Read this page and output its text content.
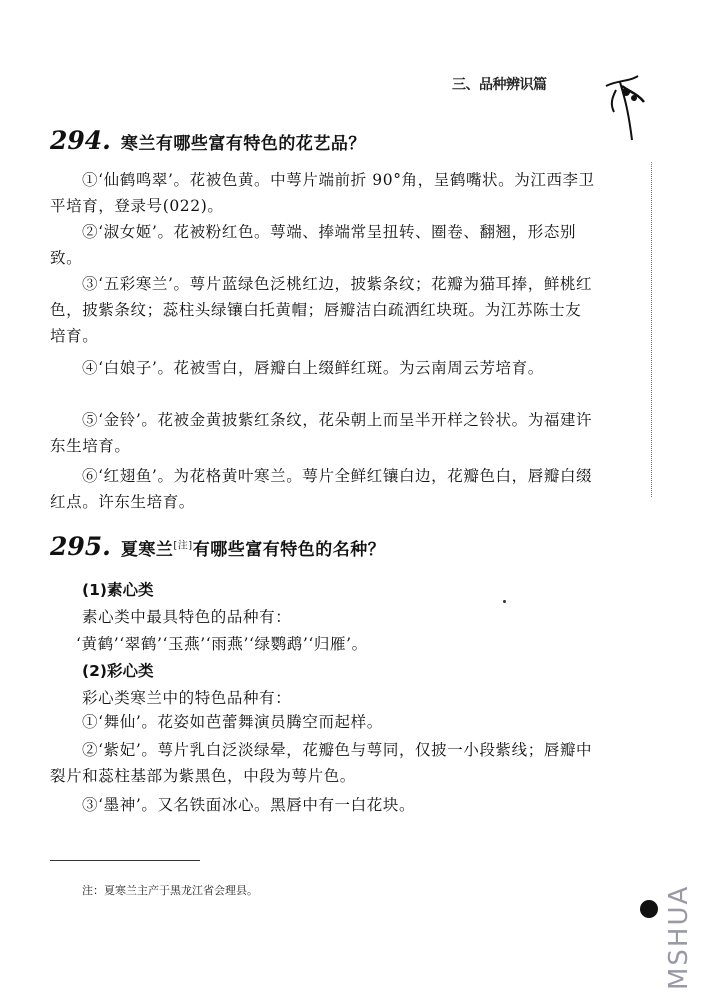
三、品种辨识篇
294. 寒兰有哪些富有特色的花艺品？
①‘仙鹤鸣翠’。花被色黄。中萼片端前折 90°角，呈鹤嘴状。为江西李卫平培育，登录号(022)。
②‘淑女姬’。花被粉红色。萼端、捧端常呈扭转、圈卷、翻翘，形态别致。
③‘五彩寒兰’。萼片蓝绿色泛桃红边，披紫条纹；花瓣为猫耳捧，鲜桃红色，披紫条纹；蕊柱头绿镶白托黄帽；唇瓣洁白疏洒红块斑。为江苏陈士友培育。
④‘白娘子’。花被雪白，唇瓣白上缀鲜红斑。为云南周云芳培育。
⑤‘金铃’。花被金黄披紫红条纹，花朵朝上而呈半开样之铃状。为福建许东生培育。
⑥‘红翅鱼’。为花格黄叶寒兰。萼片全鲜红镶白边，花瓣色白，唇瓣白缀红点。许东生培育。
295. 夏寒兰[注]有哪些富有特色的名种？
(1)素心类
素心类中最具特色的品种有：
‘黄鹤’‘翠鹤’‘玉燕’‘雨燕’‘绿鹦鹉’‘归雁’。
(2)彩心类
彩心类寒兰中的特色品种有：
①‘舞仙’。花姿如芭蕾舞演员腾空而起样。
②‘紫妃’。萼片乳白泛淡绿晕，花瓣色与萼同，仅披一小段紫线；唇瓣中裂片和蕊柱基部为紫黑色，中段为萼片色。
③‘墨神’。又名铁面冰心。黑唇中有一白花块。
注：夏寒兰主产于黑龙江省会理县。	MSHUA
